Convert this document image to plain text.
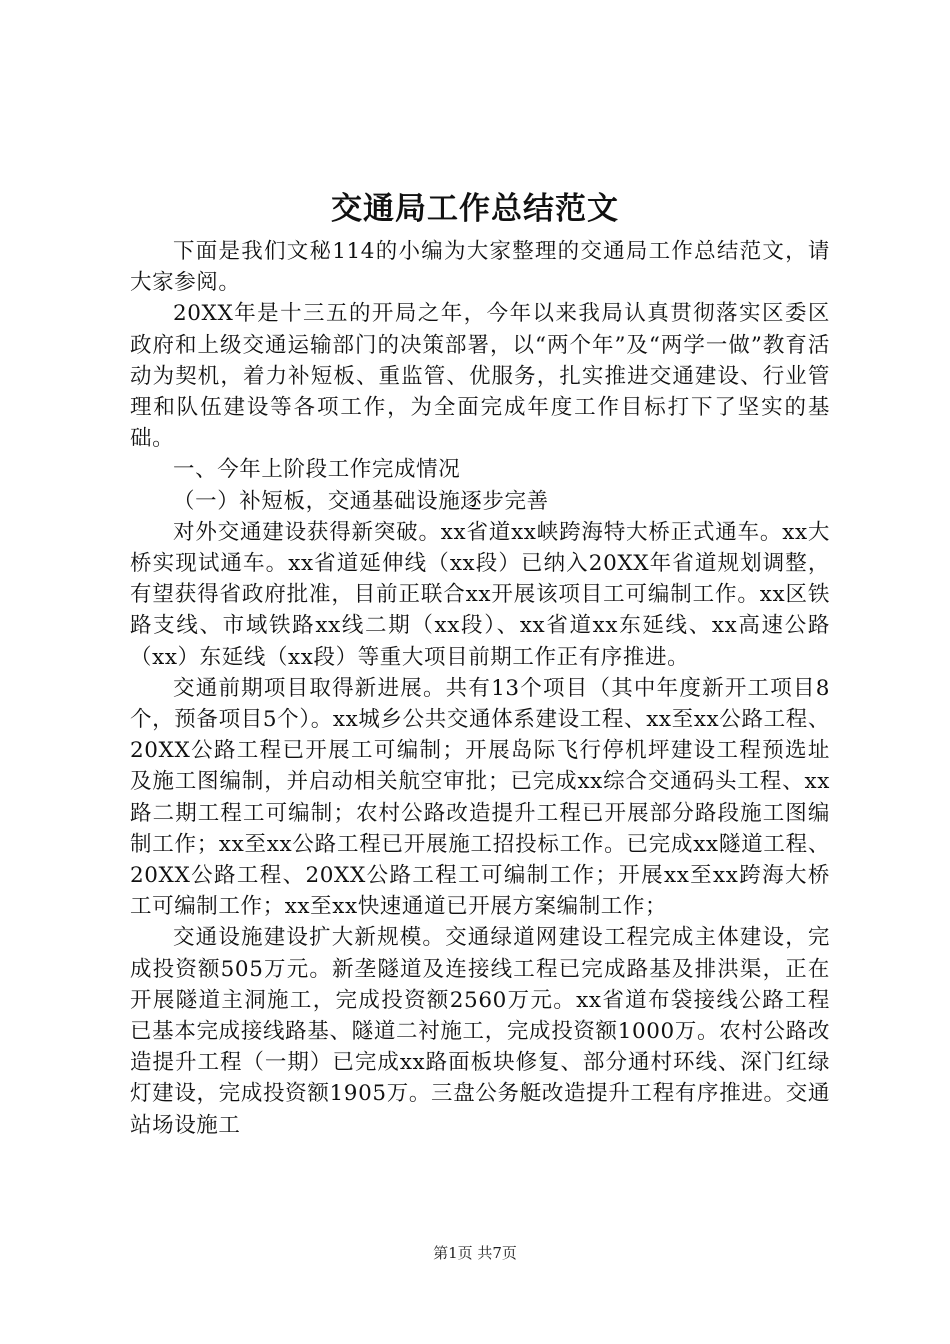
交通局工作总结范文

下面是我们文秘114的小编为大家整理的交通局工作总结范文，请大家参阅。

20XX年是十三五的开局之年，今年以来我局认真贯彻落实区委区政府和上级交通运输部门的决策部署，以“两个年”及“两学一做”教育活动为契机，着力补短板、重监管、优服务，扎实推进交通建设、行业管理和队伍建设等各项工作，为全面完成年度工作目标打下了坚实的基础。

一、今年上阶段工作完成情况

（一）补短板，交通基础设施逐步完善

对外交通建设获得新突破。xx省道xx峡跨海特大桥正式通车。xx大桥实现试通车。xx省道延伸线（xx段）已纳入20XX年省道规划调整，有望获得省政府批准，目前正联合xx开展该项目工可编制工作。xx区铁路支线、市域铁路xx线二期（xx段）、xx省道xx东延线、xx高速公路（xx）东延线（xx段）等重大项目前期工作正有序推进。

交通前期项目取得新进展。共有13个项目（其中年度新开工项目8个，预备项目5个）。xx城乡公共交通体系建设工程、xx至xx公路工程、20XX公路工程已开展工可编制；开展岛际飞行停机坪建设工程预选址及施工图编制，并启动相关航空审批；已完成xx综合交通码头工程、xx路二期工程工可编制；农村公路改造提升工程已开展部分路段施工图编制工作；xx至xx公路工程已开展施工招投标工作。已完成xx隧道工程、20XX公路工程、20XX公路工程工可编制工作；开展xx至xx跨海大桥工可编制工作；xx至xx快速通道已开展方案编制工作；

交通设施建设扩大新规模。交通绿道网建设工程完成主体建设，完成投资额505万元。新垄隧道及连接线工程已完成路基及排洪渠，正在开展隧道主洞施工，完成投资额2560万元。xx省道布袋接线公路工程已基本完成接线路基、隧道二衬施工，完成投资额1000万。农村公路改造提升工程（一期）已完成xx路面板块修复、部分通村环线、深门红绿灯建设，完成投资额1905万。三盘公务艇改造提升工程有序推进。交通站场设施工

第1页 共7页
